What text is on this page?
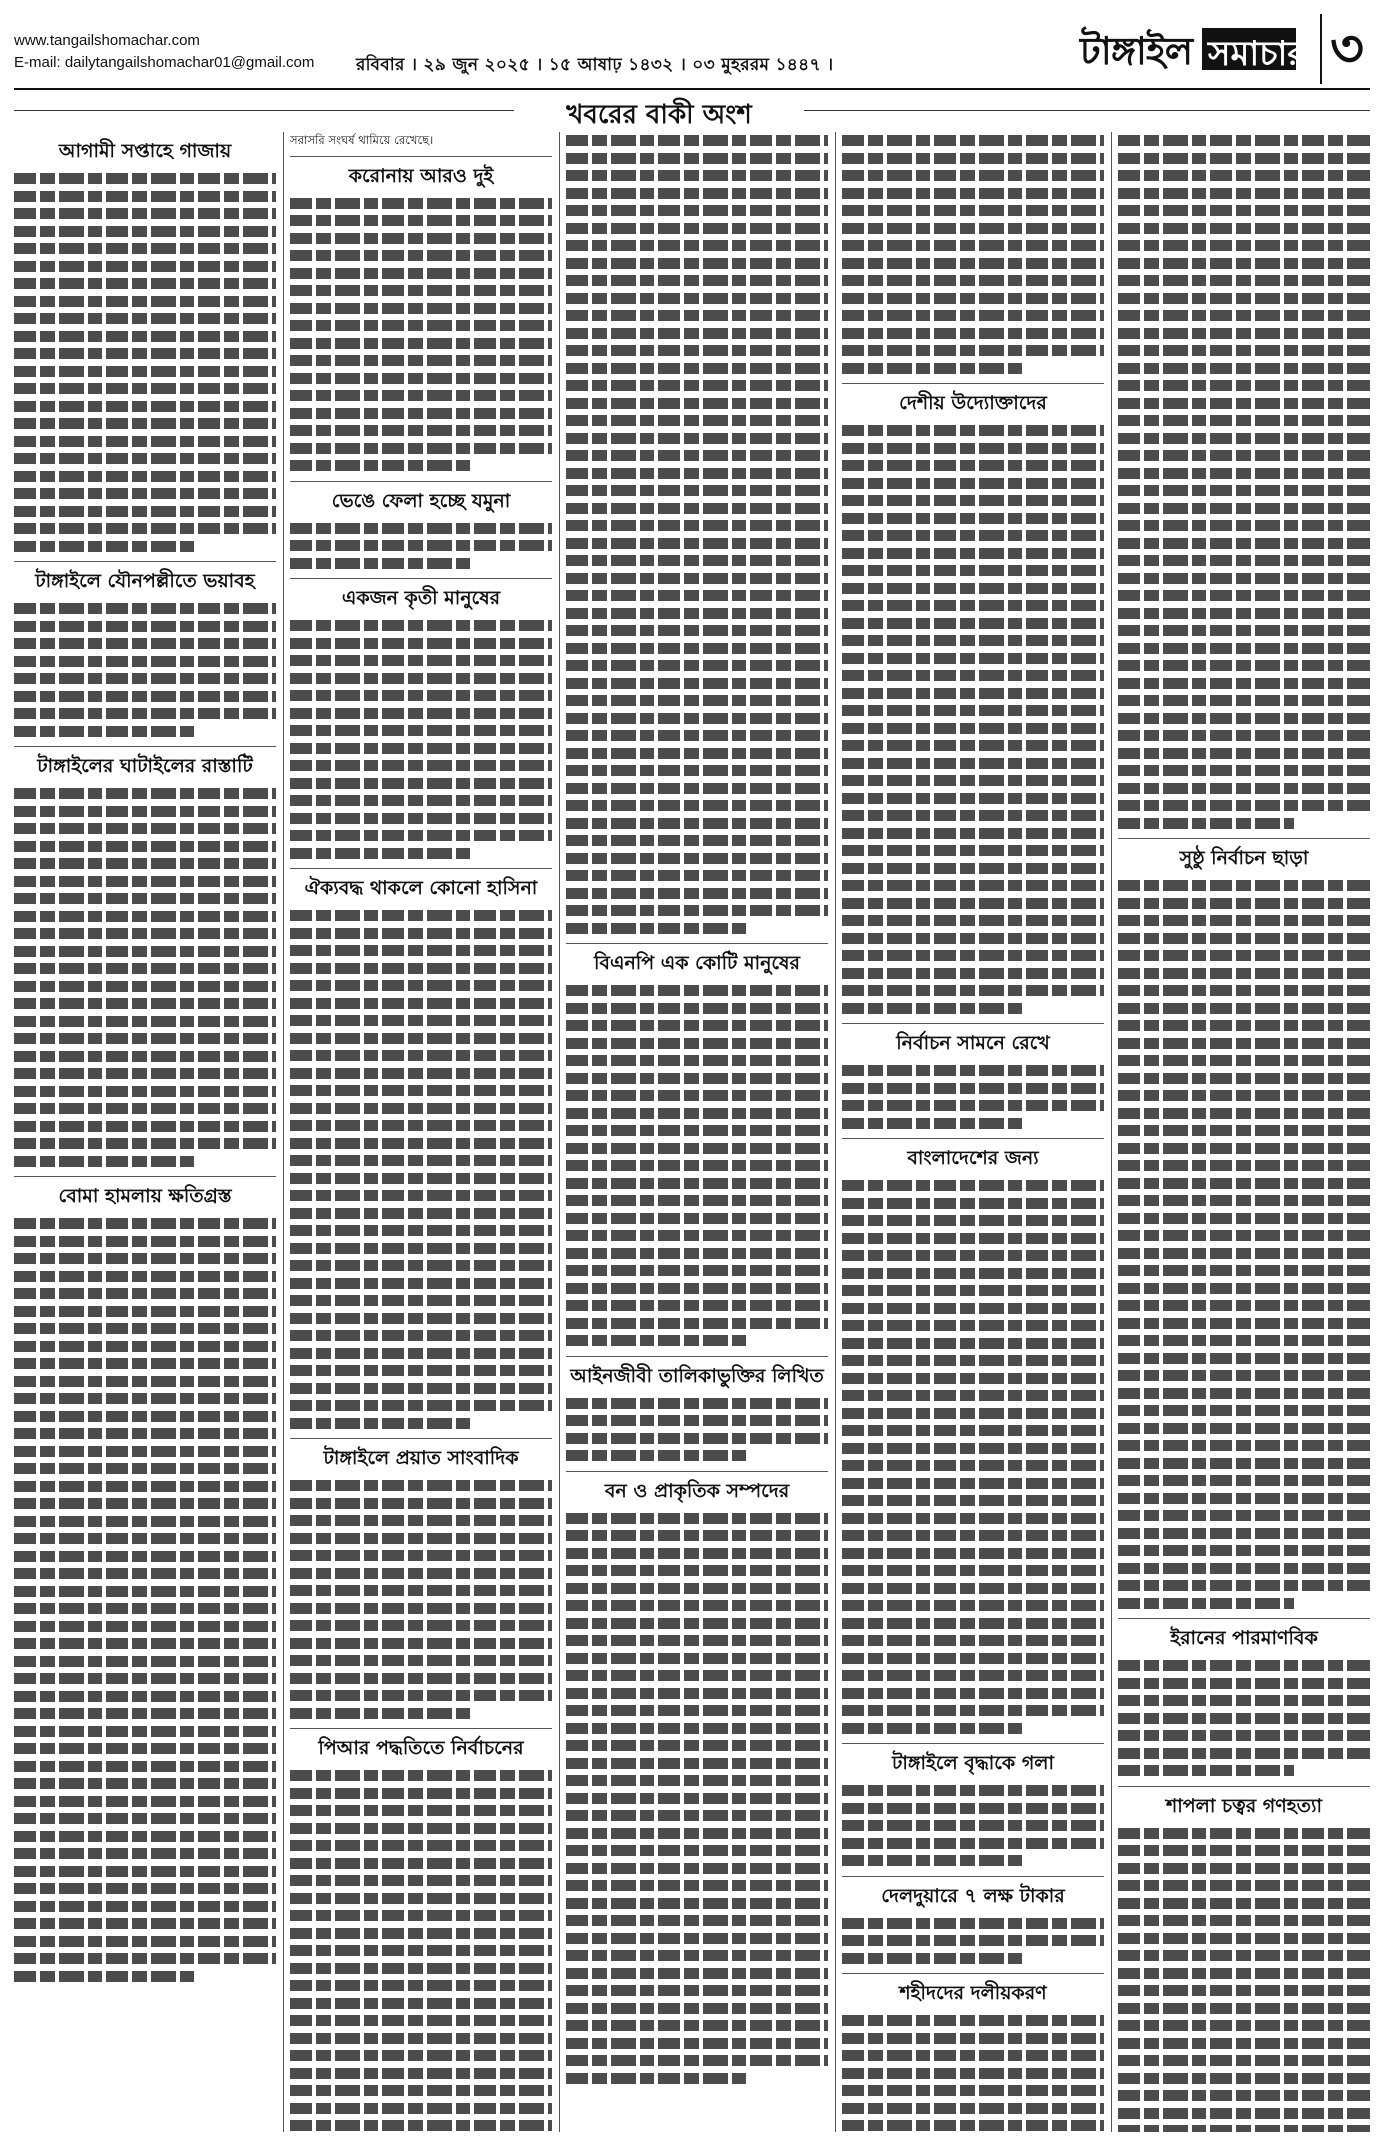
www.tangailshomachar.com
E-mail: dailytangailshomachar01@gmail.com রবিবার । ২৯ জুন ২০২৫ । ১৫ আষাঢ় ১৪৩২ । ০৩ মুহররম ১৪৪৭ ।	টাঙ্গাইল সমাচার ৩
খবরের বাকী অংশ
আগামী সপ্তাহে গাজায়
টাঙ্গাইলে যৌনপল্লীতে ভয়াবহ
টাঙ্গাইলের ঘাটাইলের রাস্তাটি
বোমা হামলায় ক্ষতিগ্রস্ত
সরাসরি সংঘর্ষ থামিয়ে রেখেছে।
করোনায় আরও দুই
ভেঙে ফেলা হচ্ছে যমুনা
একজন কৃতী মানুষের
ঐক্যবদ্ধ থাকলে কোনো হাসিনা
টাঙ্গাইলে প্রয়াত সাংবাদিক
পিআর পদ্ধতিতে নির্বাচনের
বিএনপি এক কোটি মানুষের
আইনজীবী তালিকাভুক্তির লিখিত
বন ও প্রাকৃতিক সম্পদের
দেশীয় উদ্যোক্তাদের
নির্বাচন সামনে রেখে
বাংলাদেশের জন্য
টাঙ্গাইলে বৃদ্ধাকে গলা
দেলদুয়ারে ৭ লক্ষ টাকার
শহীদদের দলীয়করণ
সুষ্ঠু নির্বাচন ছাড়া
ইরানের পারমাণবিক
শাপলা চত্বর গণহত্যা
